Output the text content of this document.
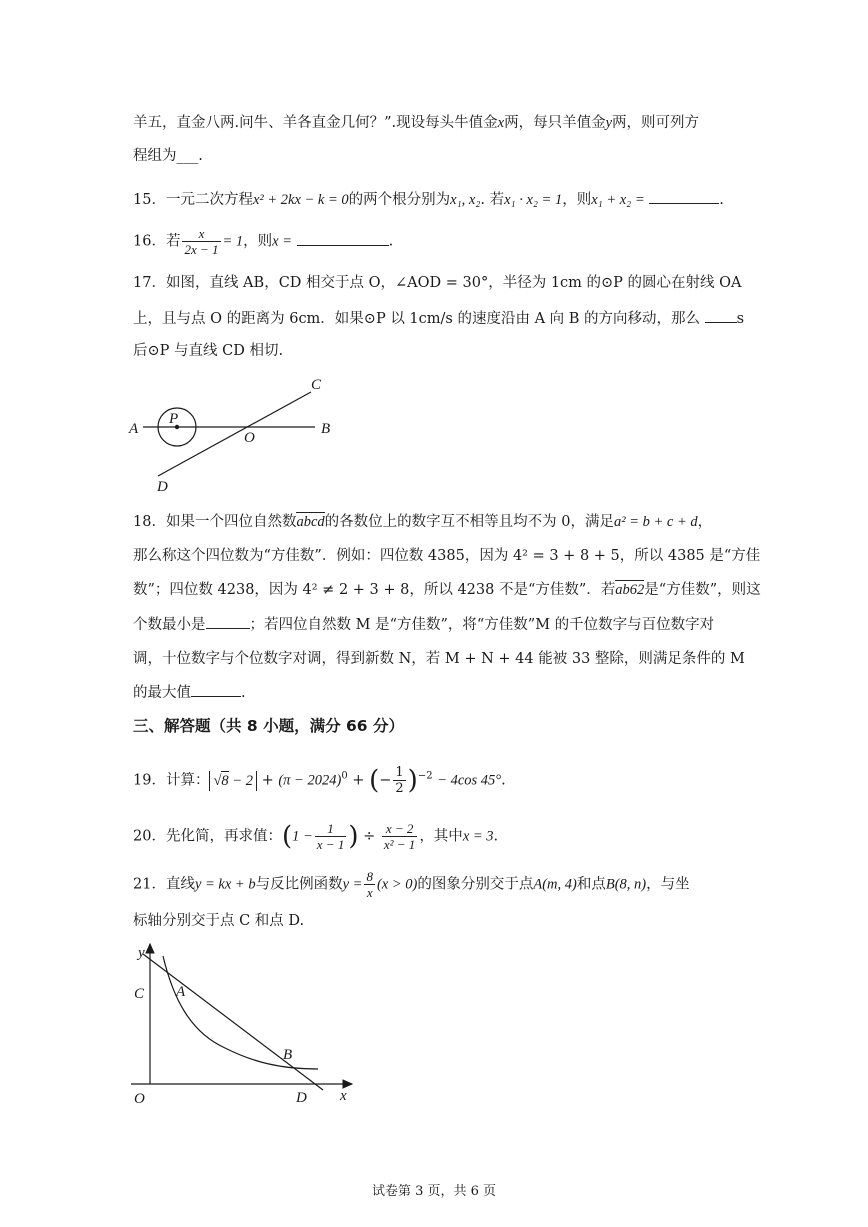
羊五，直金八两.问牛、羊各直金几何？”.现设每头牛值金x两，每只羊值金y两，则可列方
程组为___.
15．一元二次方程x² + 2kx − k = 0的两个根分别为x₁, x₂. 若x₁ · x₂ = 1，则x₁ + x₂ =	.
16．若 $\frac{x}{2x - 1} = 1$，则x =	.
17．如图，直线 AB，CD 相交于点 O，∠AOD = 30°，半径为 1cm 的⊙P 的圆心在射线 OA
上，且与点 O 的距离为 6cm．如果⊙P 以 1cm/s 的速度沿由 A 向 B 的方向移动，那么	s
后⊙P 与直线 CD 相切.
A
P
O
B
C
D
18．如果一个四位自然数abcd的各数位上的数字互不相等且均不为 0，满足a² = b + c + d，
那么称这个四位数为“方佳数”．例如：四位数 4385，因为 4² = 3 + 8 + 5，所以 4385 是“方佳
数”；四位数 4238，因为 4² ≠ 2 + 3 + 8，所以 4238 不是“方佳数”．若ab62是“方佳数”，则这
个数最小是	；若四位自然数 M 是“方佳数”，将“方佳数”M 的千位数字与百位数字对
调，十位数字与个位数字对调，得到新数 N，若 M + N + 44 能被 33 整除，则满足条件的 M
的最大值	.
三、解答题（共 8 小题，满分 66 分）
19．计算： $√8 - 2 + (\pi - 2024)^0$ + (− $\frac{1}{2} )^{-2} - 4\cos$ 45°.
20．先化简，再求值：($1 - \frac{1}{x - 1}$ ) ÷ $\frac{x - 2}{\text{x² − 1}}$ ，其中x = 3.
21．直线y = kx + b与反比例函数$y = \frac{8}{x} (x > 0)$的图象分别交于点A(m, 4)和点B(8, n)，与坐
标轴分别交于点 C 和点 D.
y
x
O
C A
B
D
试卷第 3 页，共 6 页
